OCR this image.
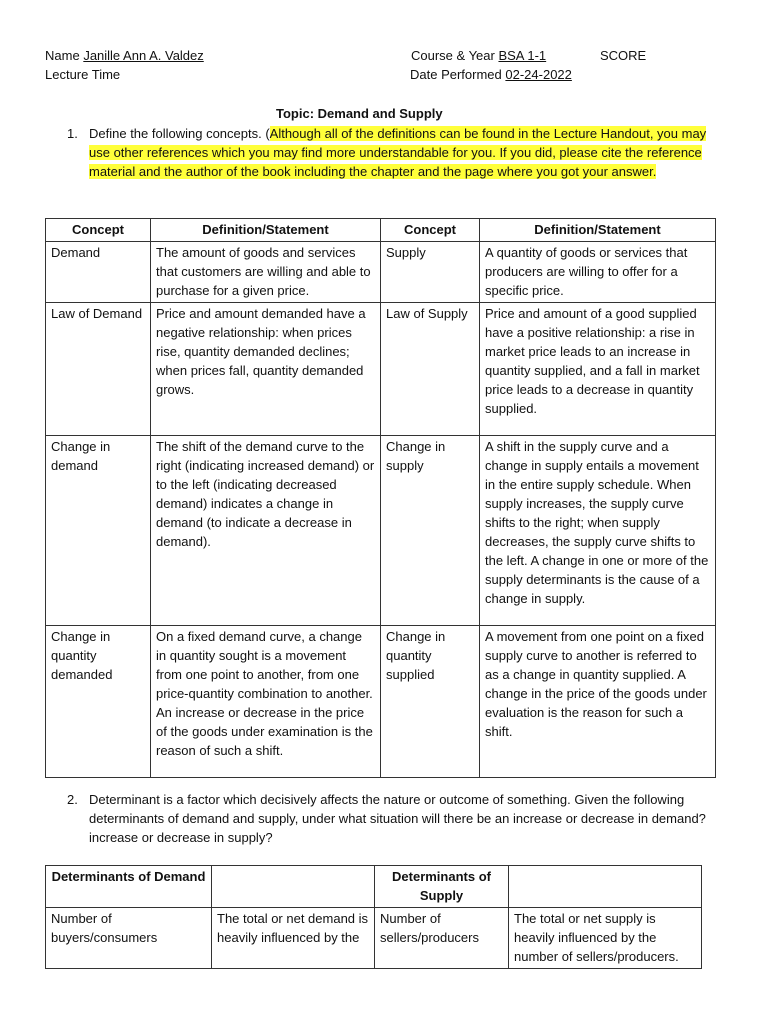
Name Janille Ann A. Valdez	Course & Year BSA 1-1	SCORE
Lecture Time	Date Performed 02-24-2022
Topic: Demand and Supply
1. Define the following concepts. (Although all of the definitions can be found in the Lecture Handout, you may use other references which you may find more understandable for you. If you did, please cite the reference material and the author of the book including the chapter and the page where you got your answer.
Concept	Definition/Statement	Concept	Definition/Statement
Demand	The amount of goods and services that customers are willing and able to purchase for a given price.	Supply	A quantity of goods or services that producers are willing to offer for a specific price.
Law of Demand	Price and amount demanded have a negative relationship: when prices rise, quantity demanded declines; when prices fall, quantity demanded grows.	Law of Supply	Price and amount of a good supplied have a positive relationship: a rise in market price leads to an increase in quantity supplied, and a fall in market price leads to a decrease in quantity supplied.
Change in demand	The shift of the demand curve to the right (indicating increased demand) or to the left (indicating decreased demand) indicates a change in demand (to indicate a decrease in demand).	Change in supply	A shift in the supply curve and a change in supply entails a movement in the entire supply schedule. When supply increases, the supply curve shifts to the right; when supply decreases, the supply curve shifts to the left. A change in one or more of the supply determinants is the cause of a change in supply.
Change in quantity demanded	On a fixed demand curve, a change in quantity sought is a movement from one point to another, from one price-quantity combination to another. An increase or decrease in the price of the goods under examination is the reason of such a shift.	Change in quantity supplied	A movement from one point on a fixed supply curve to another is referred to as a change in quantity supplied. A change in the price of the goods under evaluation is the reason for such a shift.
2. Determinant is a factor which decisively affects the nature or outcome of something. Given the following determinants of demand and supply, under what situation will there be an increase or decrease in demand? increase or decrease in supply?
Determinants of Demand		Determinants of Supply	
Number of buyers/consumers	The total or net demand is heavily influenced by the	Number of sellers/producers	The total or net supply is heavily influenced by the number of sellers/producers.
